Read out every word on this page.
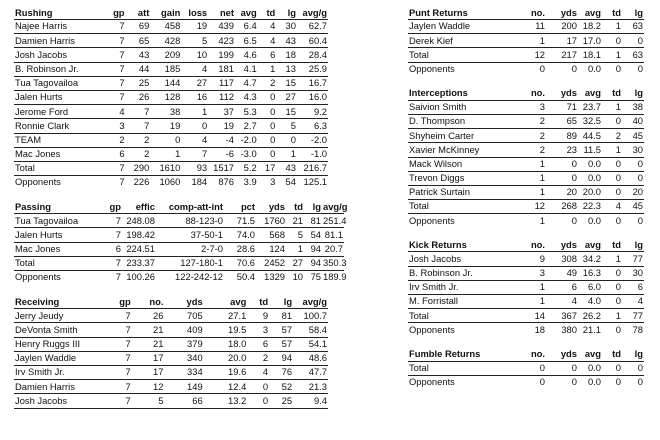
Rushing	gp	att	gain	loss	net	avg	td	lg	avg/g
Najee Harris	7	69	458	19	439	6.4	4	30	62.7
Damien Harris	7	65	428	5	423	6.5	4	43	60.4
Josh Jacobs	7	43	209	10	199	4.6	6	18	28.4
B. Robinson Jr.	7	44	185	4	181	4.1	1	13	25.9
Tua Tagovailoa	7	25	144	27	117	4.7	2	15	16.7
Jalen Hurts	7	26	128	16	112	4.3	0	27	16.0
Jerome Ford	4	7	38	1	37	5.3	0	15	9.2
Ronnie Clark	3	7	19	0	19	2.7	0	5	6.3
TEAM	2	2	0	4	-4	-2.0	0	0	-2.0
Mac Jones	6	2	1	7	-6	-3.0	0	1	-1.0
Total	7	290	1610	93	1517	5.2	17	43	216.7
Opponents	7	226	1060	184	876	3.9	3	54	125.1
Passing	gp	effic	comp-att-int	pct	yds	td	lg	avg/g
Tua Tagovailoa	7	248.08	88-123-0	71.5	1760	21	81	251.4
Jalen Hurts	7	198.42	37-50-1	74.0	568	5	54	81.1
Mac Jones	6	224.51	2-7-0	28.6	124	1	94	20.7
Total	7	233.37	127-180-1	70.6	2452	27	94	350.3
Opponents	7	100.26	122-242-12	50.4	1329	10	75	189.9
Receiving	gp	no.	yds	avg	td	lg	avg/g
Jerry Jeudy	7	26	705	27.1	9	81	100.7
DeVonta Smith	7	21	409	19.5	3	57	58.4
Henry Ruggs III	7	21	379	18.0	6	57	54.1
Jaylen Waddle	7	17	340	20.0	2	94	48.6
Irv Smith Jr.	7	17	334	19.6	4	76	47.7
Damien Harris	7	12	149	12.4	0	52	21.3
Josh Jacobs	7	5	66	13.2	0	25	9.4
Punt Returns	no.	yds	avg	td	lg
Jaylen Waddle	11	200	18.2	1	63
Derek Kief	1	17	17.0	0	0
Total	12	217	18.1	1	63
Opponents	0	0	0.0	0	0
Interceptions	no.	yds	avg	td	lg
Saivion Smith	3	71	23.7	1	38
D. Thompson	2	65	32.5	0	40
Shyheim Carter	2	89	44.5	2	45
Xavier McKinney	2	23	11.5	1	30
Mack Wilson	1	0	0.0	0	0
Trevon Diggs	1	0	0.0	0	0
Patrick Surtain	1	20	20.0	0	20
Total	12	268	22.3	4	45
Opponents	1	0	0.0	0	0
Kick Returns	no.	yds	avg	td	lg
Josh Jacobs	9	308	34.2	1	77
B. Robinson Jr.	3	49	16.3	0	30
Irv Smith Jr.	1	6	6.0	0	6
M. Forristall	1	4	4.0	0	4
Total	14	367	26.2	1	77
Opponents	18	380	21.1	0	78
Fumble Returns	no.	yds	avg	td	lg
Total	0	0	0.0	0	0
Opponents	0	0	0.0	0	0
